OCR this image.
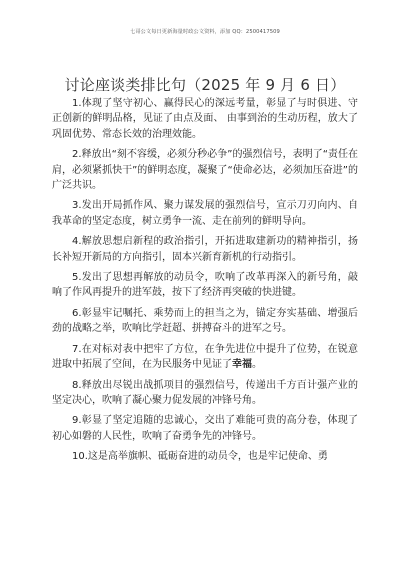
七哥公文每日更新海量时政公文资料，添加 QQ：2500417509
讨论座谈类排比句（2025 年 9 月 6 日）

1.体现了坚守初心、赢得民心的深远考量，彰显了与时俱进、守正创新的鲜明品格，见证了由点及面、 由事到治的生动历程，放大了巩固优势、常态长效的治理效能。

2.释放出“刻不容缓，必须分秒必争”的强烈信号，表明了“责任在肩，必须紧抓快干”的鲜明态度，凝聚了“使命必达，必须加压奋进”的广泛共识。

3.发出开局抓作风、聚力谋发展的强烈信号，宣示刀刃向内、自我革命的坚定态度，树立勇争一流、走在前列的鲜明导向。

4.解放思想启新程的政治指引，开拓进取建新功的精神指引，扬长补短开新局的方向指引，固本兴新育新机的行动指引。

5.发出了思想再解放的动员令，吹响了改革再深入的新号角，敲响了作风再提升的进军鼓，按下了经济再突破的快进键。

6.彰显牢记嘱托、乘势而上的担当之为，锚定夯实基础、增强后劲的战略之举，吹响比学赶超、拼搏奋斗的进军之号。

7.在对标对表中把牢了方位，在争先进位中提升了位势，在锐意进取中拓展了空间，在为民服务中见证了幸福。

8.释放出尽锐出战抓项目的强烈信号，传递出千方百计强产业的坚定决心，吹响了凝心聚力促发展的冲锋号角。

9.彰显了坚定追随的忠诚心，交出了难能可贵的高分卷，体现了初心如磐的人民性，吹响了奋勇争先的冲锋号。

10.这是高举旗帜、砥砺奋进的动员令，也是牢记使命、勇
